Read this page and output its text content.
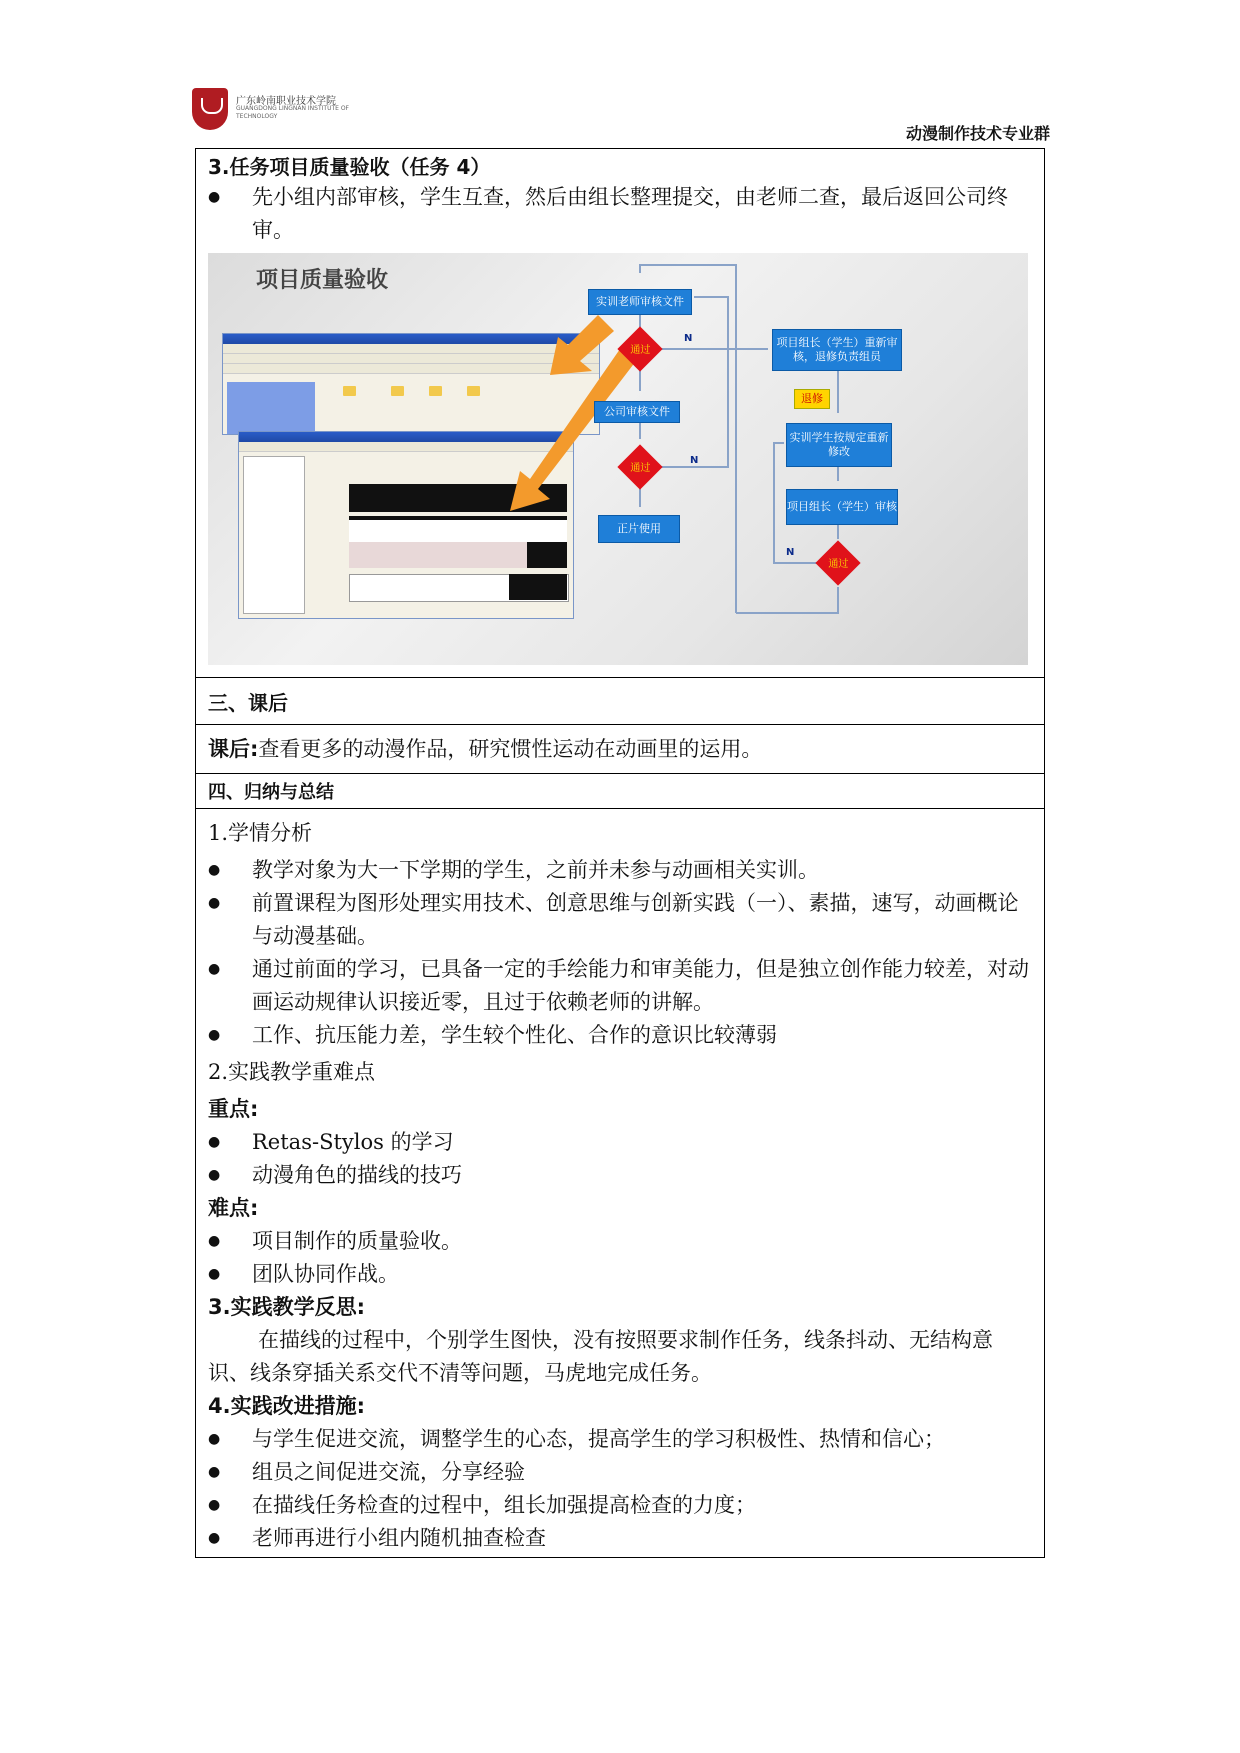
广东岭南职业技术学院
GUANGDONG LINGNAN INSTITUTE OF TECHNOLOGY
动漫制作技术专业群
3.任务项目质量验收（任务 4）
●	先小组内部审核，学生互查，然后由组长整理提交，由老师二查，最后返回公司终审。
项目质量验收
实训老师审核文件
通过
N
公司审核文件
通过
N
正片使用
项目组长（学生）重新审核，退修负责组员
退修
实训学生按规定重新修改
项目组长（学生）审核
通过
N
三、课后
课后:查看更多的动漫作品，研究惯性运动在动画里的运用。
四、归纳与总结
1.学情分析
●	教学对象为大一下学期的学生，之前并未参与动画相关实训。
●	前置课程为图形处理实用技术、创意思维与创新实践（一）、素描，速写，动画概论与动漫基础。
●	通过前面的学习，已具备一定的手绘能力和审美能力，但是独立创作能力较差，对动画运动规律认识接近零，且过于依赖老师的讲解。
●	工作、抗压能力差，学生较个性化、合作的意识比较薄弱
2.实践教学重难点
重点:
●	Retas-Stylos 的学习
●	动漫角色的描线的技巧
难点:
●	项目制作的质量验收。
●	团队协同作战。
3.实践教学反思:
在描线的过程中，个别学生图快，没有按照要求制作任务，线条抖动、无结构意识、线条穿插关系交代不清等问题，马虎地完成任务。
4.实践改进措施:
●	与学生促进交流，调整学生的心态，提高学生的学习积极性、热情和信心；
●	组员之间促进交流，分享经验
●	在描线任务检查的过程中，组长加强提高检查的力度；
●	老师再进行小组内随机抽查检查
